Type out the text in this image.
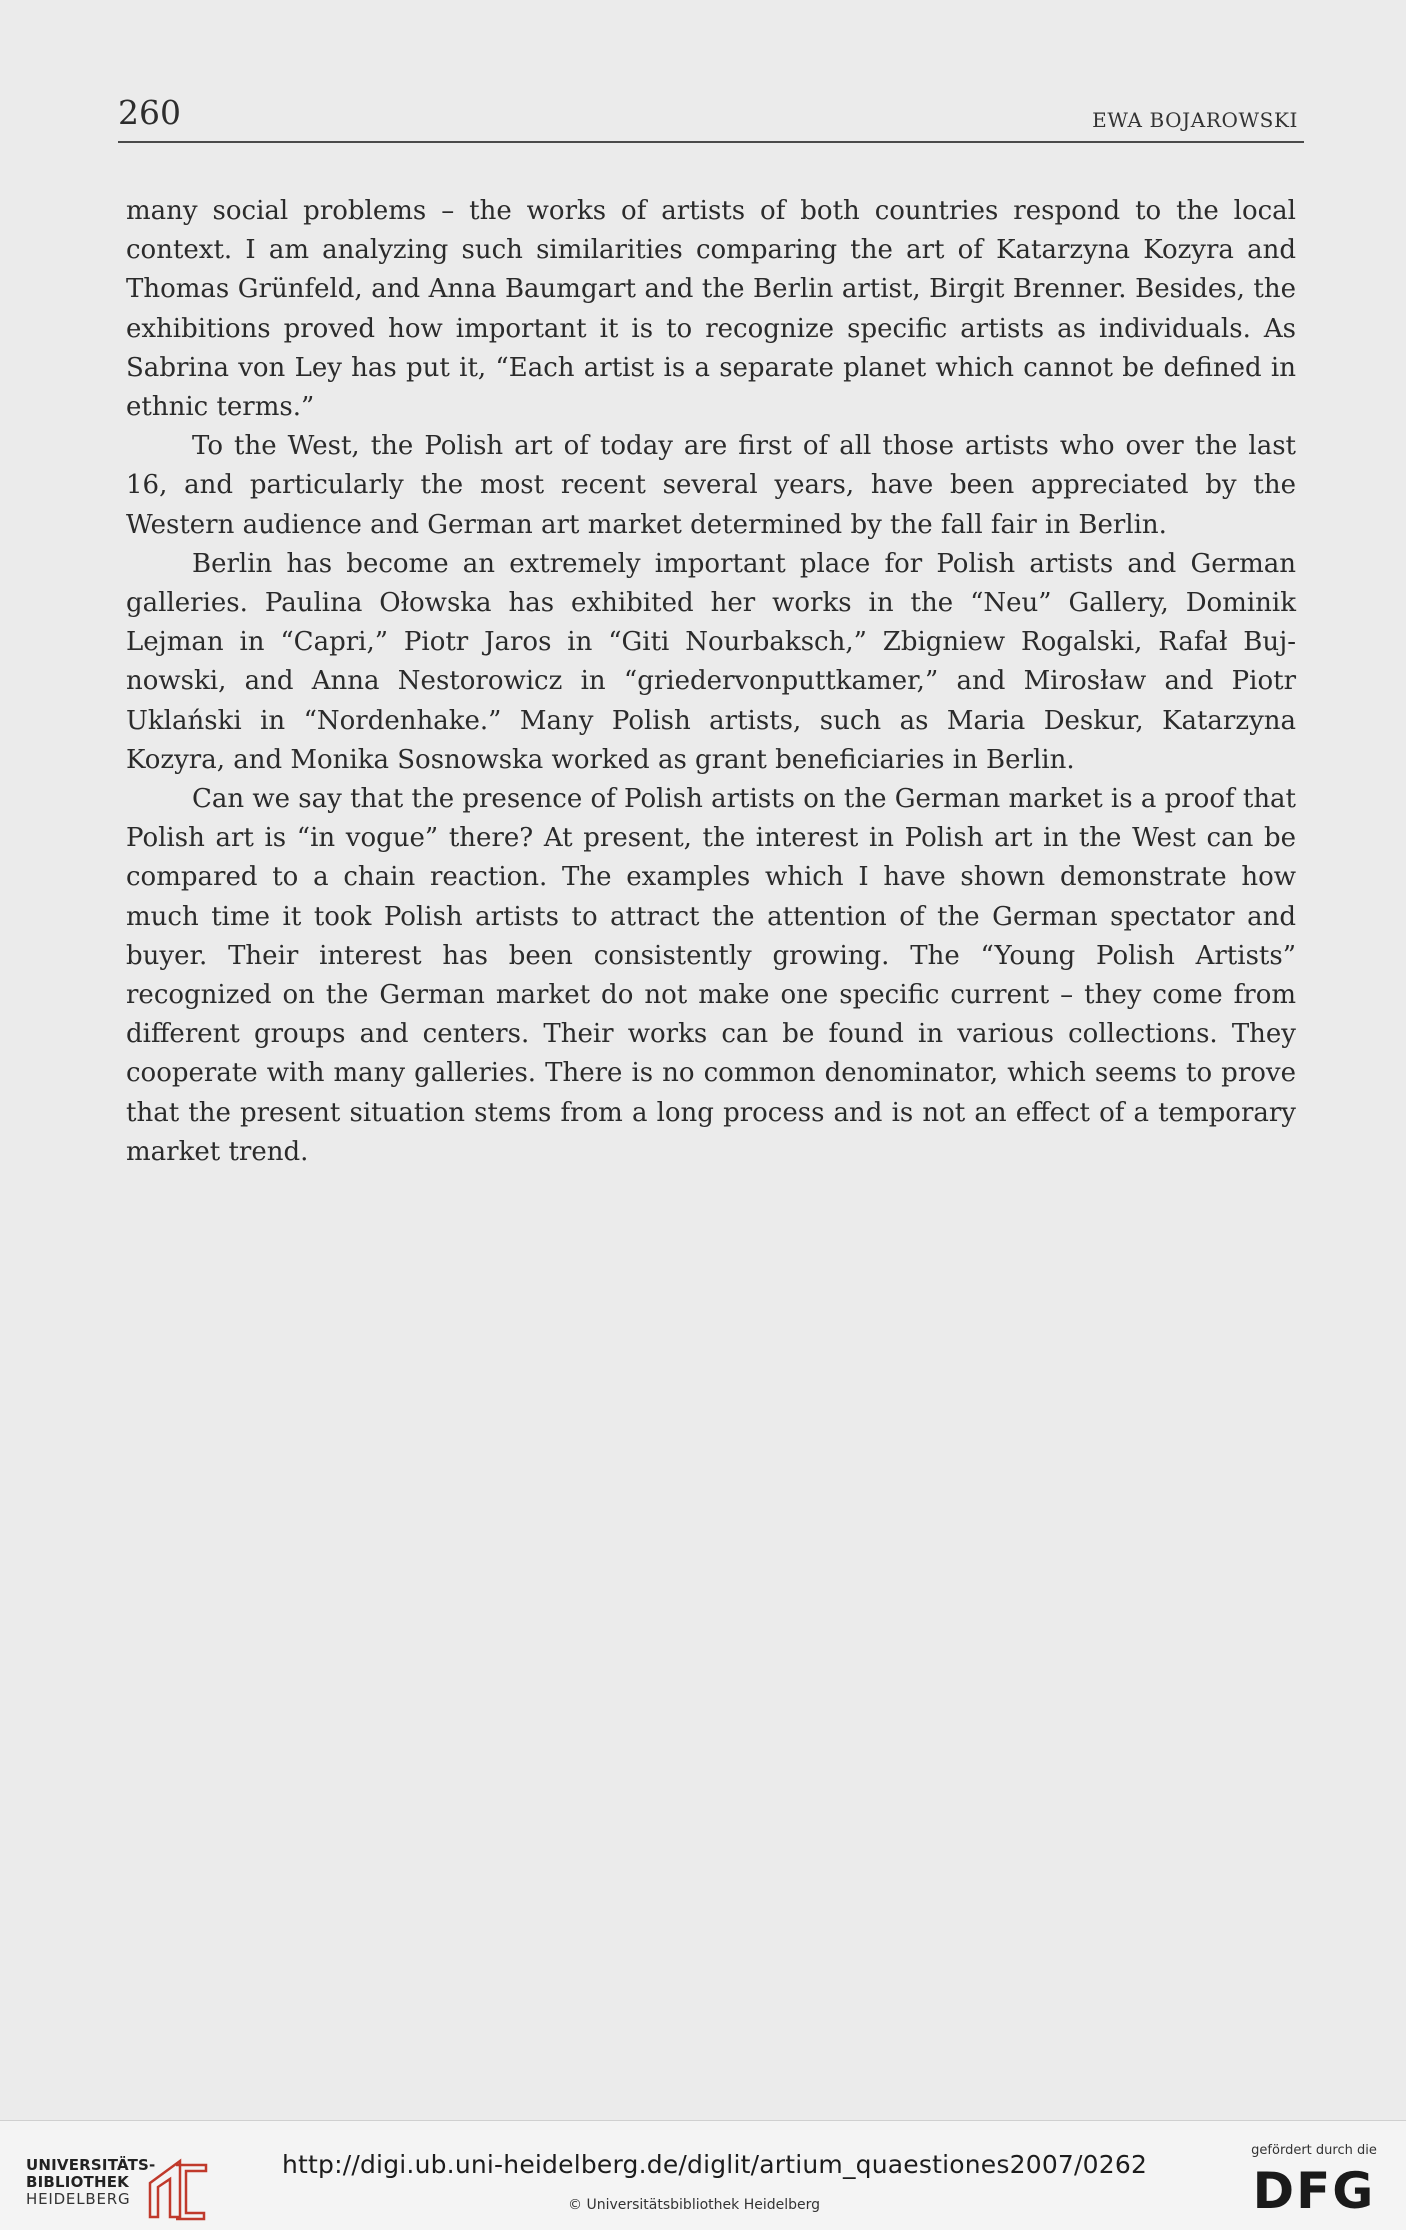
260	EWA BOJAROWSKI

many social problems – the works of artists of both countries respond to the local context. I am analyzing such similarities comparing the art of Katarzyna Kozyra and Thomas Grünfeld, and Anna Baumgart and the Berlin artist, Birgit Brenner. Besides, the exhibitions proved how important it is to recognize specific artists as individuals. As Sabrina von Ley has put it, “Each artist is a separate planet which cannot be defined in ethnic terms.”

To the West, the Polish art of today are first of all those artists who over the last 16, and particularly the most recent several years, have been appreciated by the Western audience and German art market determined by the fall fair in Berlin.

Berlin has become an extremely important place for Polish artists and German galleries. Paulina Ołowska has exhibited her works in the “Neu” Gallery, Dominik Lejman in “Capri,” Piotr Jaros in “Giti Nourbaksch,” Zbigniew Rogalski, Rafał Buj-nowski, and Anna Nestorowicz in “griedervonputtkamer,” and Mirosław and Piotr Uklański in “Nordenhake.” Many Polish artists, such as Maria Deskur, Katarzyna Kozyra, and Monika Sosnowska worked as grant beneficiaries in Berlin.

Can we say that the presence of Polish artists on the German market is a proof that Polish art is “in vogue” there? At present, the interest in Polish art in the West can be compared to a chain reaction. The examples which I have shown demonstrate how much time it took Polish artists to attract the attention of the German spectator and buyer. Their interest has been consistently growing. The “Young Polish Artists” recognized on the German market do not make one specific current – they come from different groups and centers. Their works can be found in various collections. They cooperate with many galleries. There is no common denominator, which seems to prove that the present situation stems from a long process and is not an effect of a temporary market trend.

UNIVERSITÄTS-
BIBLIOTHEK
HEIDELBERG
http://digi.ub.uni-heidelberg.de/diglit/artium_quaestiones2007/0262
© Universitätsbibliothek Heidelberg
gefördert durch die
DFG
